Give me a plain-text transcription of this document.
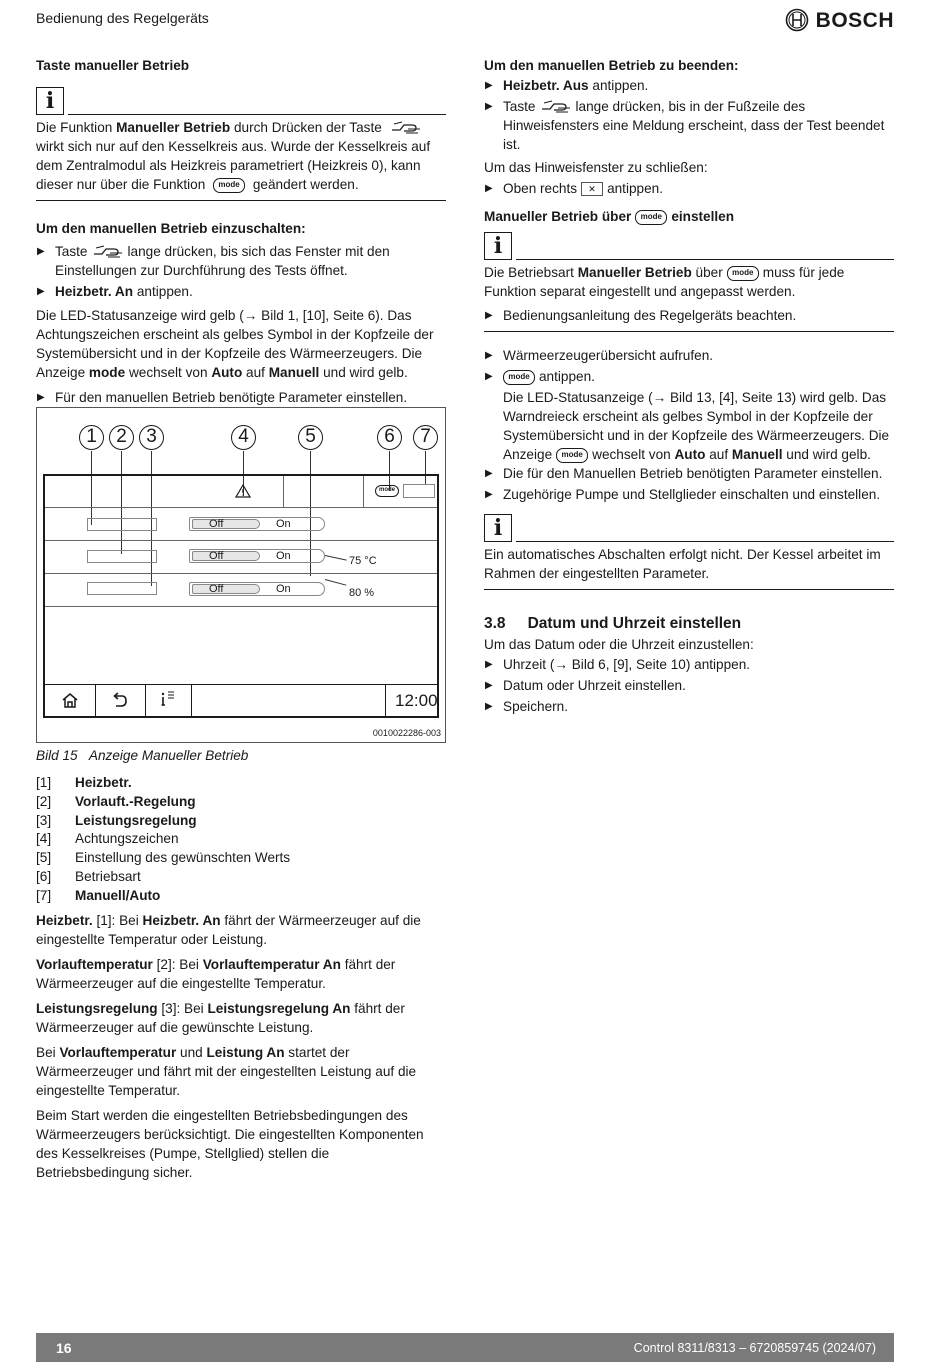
Bedienung des Regelgeräts	BOSCH
Taste manueller Betrieb
i
Die Funktion Manueller Betrieb durch Drücken der Taste  wirkt sich nur auf den Kesselkreis aus. Wurde der Kesselkreis auf dem Zentralmodul als Heizkreis parametriert (Heizkreis 0), kann dieser nur über die Funktion mode geändert werden.
Um den manuellen Betrieb einzuschalten:
▶ Taste	lange drücken, bis sich das Fenster mit den Einstellungen zur Durchführung des Tests öffnet.
▶ Heizbetr. An antippen.
Die LED-Statusanzeige wird gelb (→ Bild 1, [10], Seite 6). Das Achtungszeichen erscheint als gelbes Symbol in der Kopfzeile der Systemübersicht und in der Kopfzeile des Wärmeerzeugers. Die Anzeige mode wechselt von Auto auf Manuell und wird gelb.
▶ Für den manuellen Betrieb benötigte Parameter einstellen.
1	2	3	4	5	6	7
mode
Off	On
Off	On
Off	On
75 °C
80 %
12:00
0010022286-003
Bild 15 Anzeige Manueller Betrieb
[1]	Heizbetr.
[2]	Vorlauft.-Regelung
[3]	Leistungsregelung
[4]	Achtungszeichen
[5]	Einstellung des gewünschten Werts
[6]	Betriebsart
[7]	Manuell/Auto
Heizbetr. [1]: Bei Heizbetr. An fährt der Wärmeerzeuger auf die eingestellte Temperatur oder Leistung.
Vorlauftemperatur [2]: Bei Vorlauftemperatur An fährt der Wärmeerzeuger auf die eingestellte Temperatur.
Leistungsregelung [3]: Bei Leistungsregelung An fährt der Wärmeerzeuger auf die gewünschte Leistung.
Bei Vorlauftemperatur und Leistung An startet der Wärmeerzeuger und fährt mit der eingestellten Leistung auf die eingestellte Temperatur.
Beim Start werden die eingestellten Betriebsbedingungen des Wärmeerzeugers berücksichtigt. Die eingestellten Komponenten des Kesselkreises (Pumpe, Stellglied) stellen die Betriebsbedingung sicher.
Um den manuellen Betrieb zu beenden:
▶ Heizbetr. Aus antippen.
▶ Taste	lange drücken, bis in der Fußzeile des Hinweisfensters eine Meldung erscheint, dass der Test beendet ist.
Um das Hinweisfenster zu schließen:
▶ Oben rechts ✕ antippen.
Manueller Betrieb über mode einstellen
i
Die Betriebsart Manueller Betrieb über mode muss für jede Funktion separat eingestellt und angepasst werden.
▶ Bedienungsanleitung des Regelgeräts beachten.
▶ Wärmeerzeugerübersicht aufrufen.
▶ mode antippen.
Die LED-Statusanzeige (→ Bild 13, [4], Seite 13) wird gelb. Das Warndreieck erscheint als gelbes Symbol in der Kopfzeile der Systemübersicht und in der Kopfzeile des Wärmeerzeugers. Die Anzeige mode wechselt von Auto auf Manuell und wird gelb.
▶ Die für den Manuellen Betrieb benötigten Parameter einstellen.
▶ Zugehörige Pumpe und Stellglieder einschalten und einstellen.
i
Ein automatisches Abschalten erfolgt nicht. Der Kessel arbeitet im Rahmen der eingestellten Parameter.
3.8 Datum und Uhrzeit einstellen
Um das Datum oder die Uhrzeit einzustellen:
▶ Uhrzeit (→ Bild 6, [9], Seite 10) antippen.
▶ Datum oder Uhrzeit einstellen.
▶ Speichern.
16	Control 8311/8313 – 6720859745 (2024/07)
